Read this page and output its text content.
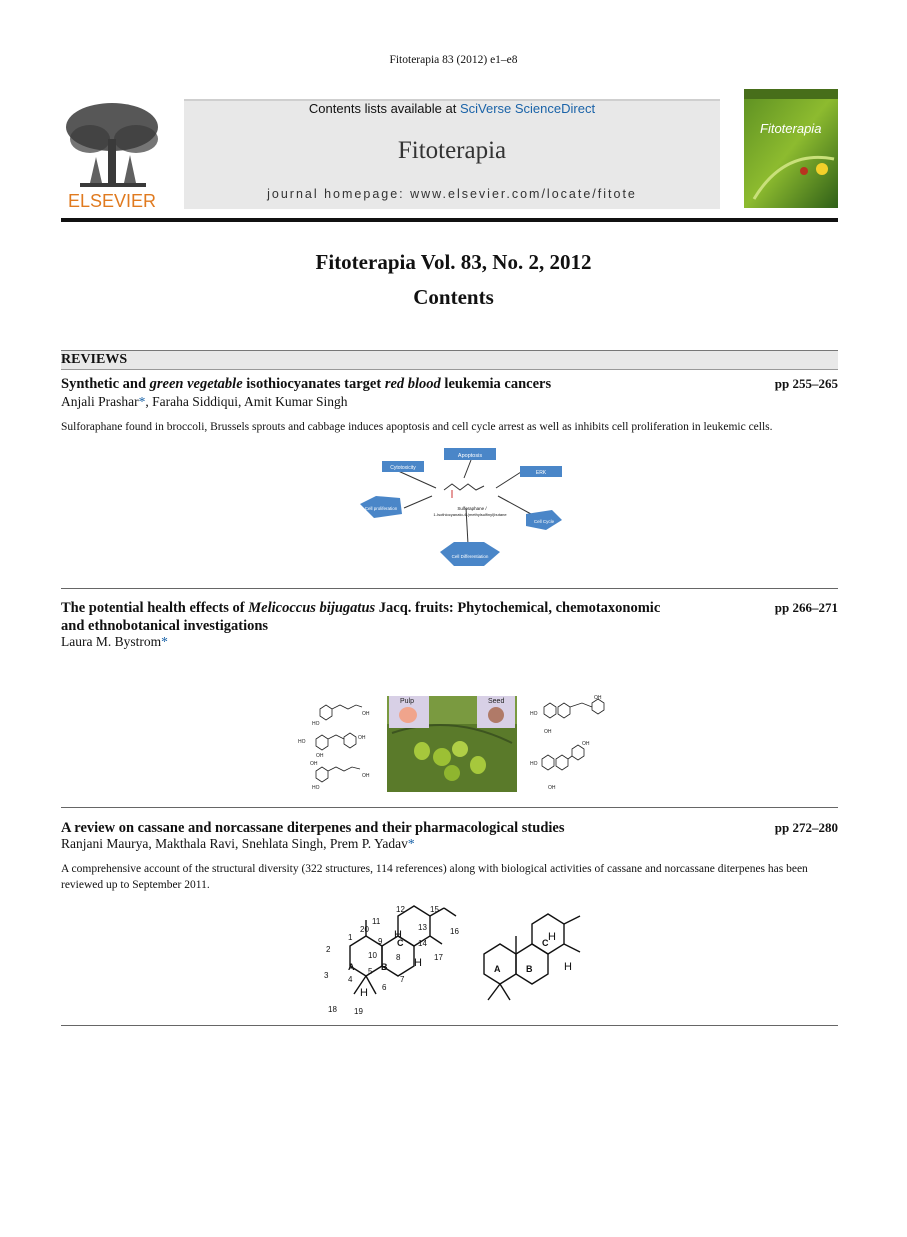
Fitoterapia 83 (2012) e1–e8
ELSEVIER
Contents lists available at SciVerse ScienceDirect
Fitoterapia
journal homepage: www.elsevier.com/locate/fitote
Fitoterapia
Fitoterapia Vol. 83, No. 2, 2012
Contents
REVIEWS
Synthetic and green vegetable isothiocyanates target red blood leukemia cancers	pp 255–265
Anjali Prashar*, Faraha Siddiqui, Amit Kumar Singh
Sulforaphane found in broccoli, Brussels sprouts and cabbage induces apoptosis and cell cycle arrest as well as inhibits cell proliferation in leukemic cells.
Apoptosis
Cytotoxicity
ERK
Cell proliferation
Cell Cycle
Cell Differentiation
Sulforaphane /
1-Isothiocyanato-4-(methylsulfinyl)butane
The potential health effects of Melicoccus bijugatus Jacq. fruits: Phytochemical, chemotaxonomic
and ethnobotanical investigations
pp 266–271
Laura M. Bystrom*
HO
OH
HO
OH
OH
OH
HO
OH
HO
OH
OH
HO
OH
OH
Pulp	Seed
A review on cassane and norcassane diterpenes and their pharmacological studies	pp 272–280
Ranjani Maurya, Makthala Ravi, Snehlata Singh, Prem P. Yadav*
A comprehensive account of the structural diversity (322 structures, 114 references) along with biological activities of cassane and norcassane diterpenes has been reviewed up to September 2011.
A	B
C
A	B
C
H
H
H
H
H
1
2
3 4
5
6
7
8
9
10
11
12
13
14
15
16
17
18 19
20
